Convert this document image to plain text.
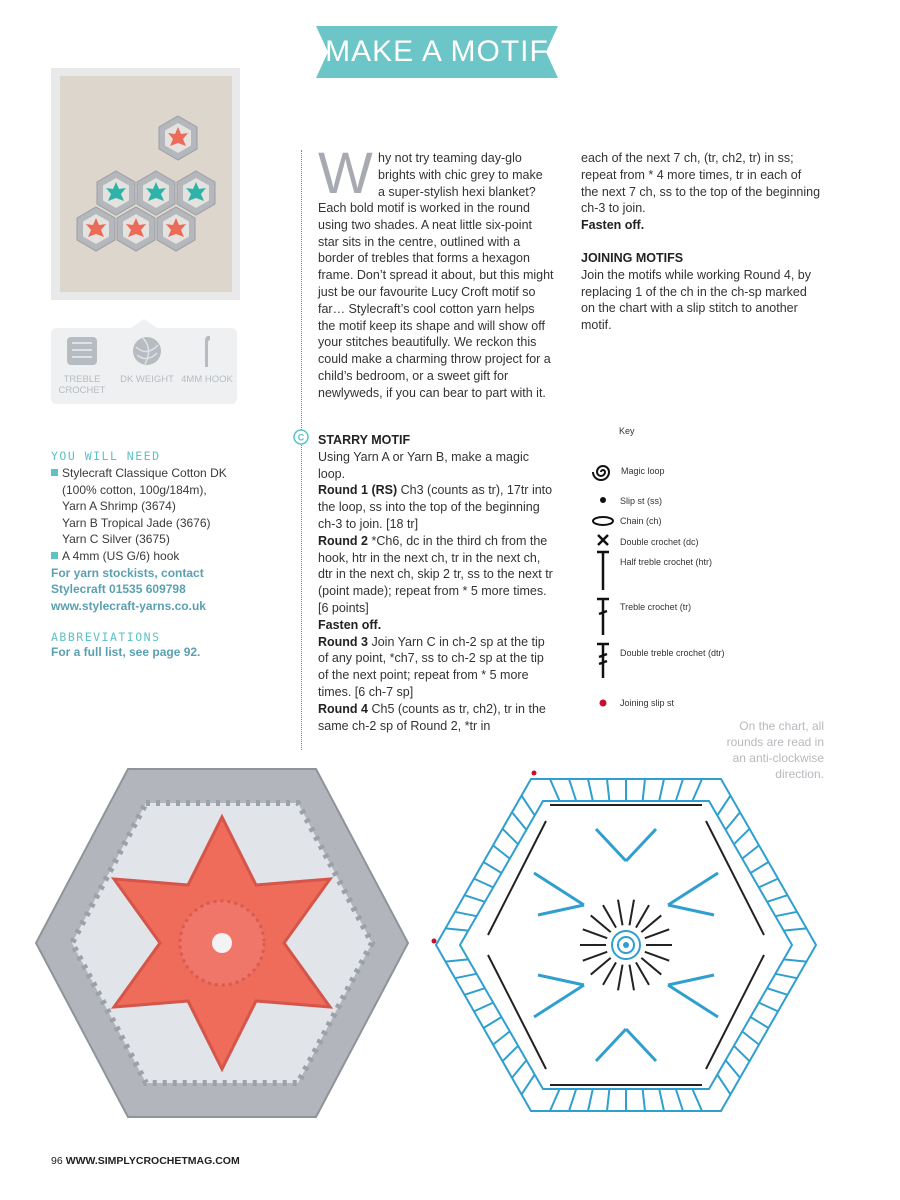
MAKE A MOTIF
TREBLE CROCHET
DK WEIGHT 4MM HOOK
YOU WILL NEED
Stylecraft Classique Cotton DK
(100% cotton, 100g/184m),
Yarn A Shrimp (3674)
Yarn B Tropical Jade (3676)
Yarn C Silver (3675)
A 4mm (US G/6) hook
For yarn stockists, contact
Stylecraft 01535 609798
www.stylecraft-yarns.co.uk
ABBREVIATIONS
For a full list, see page 92.
W hy not try teaming day-glo
brights with chic grey to make
a super-stylish hexi blanket?
Each bold motif is worked in the round using two shades. A neat little six-point star sits in the centre, outlined with a border of trebles that forms a hexagon frame. Don’t spread it about, but this might just be our favourite Lucy Croft motif so far… Stylecraft’s cool cotton yarn helps the motif keep its shape and will show off your stitches beautifully. We reckon this could make a charming throw project for a child’s bedroom, or a sweet gift for newlyweds, if you can bear to part with it.
C STARRY MOTIF
Using Yarn A or Yarn B, make a magic loop.
Round 1 (RS) Ch3 (counts as tr), 17tr into the loop, ss into the top of the beginning ch-3 to join. [18 tr]
Round 2 *Ch6, dc in the third ch from the hook, htr in the next ch, tr in the next ch, dtr in the next ch, skip 2 tr, ss to the next tr (point made); repeat from * 5 more times. [6 points]
Fasten off.
Round 3 Join Yarn C in ch-2 sp at the tip of any point, *ch7, ss to ch-2 sp at the tip of the next point; repeat from * 5 more times. [6 ch-7 sp]
Round 4 Ch5 (counts as tr, ch2), tr in the same ch-2 sp of Round 2, *tr in
each of the next 7 ch, (tr, ch2, tr) in ss; repeat from * 4 more times, tr in each of the next 7 ch, ss to the top of the beginning ch-3 to join.
Fasten off.
JOINING MOTIFS
Join the motifs while working Round 4, by replacing 1 of the ch in the ch-sp marked on the chart with a slip stitch to another motif.
Key
Magic loop
Slip st (ss)
Chain (ch)
Double crochet (dc)
Half treble crochet (htr)
Treble crochet (tr)
Double treble crochet (dtr)
Joining slip st
On the chart, all rounds are read in an anti-clockwise direction.
96 WWW.SIMPLYCROCHETMAG.COM
